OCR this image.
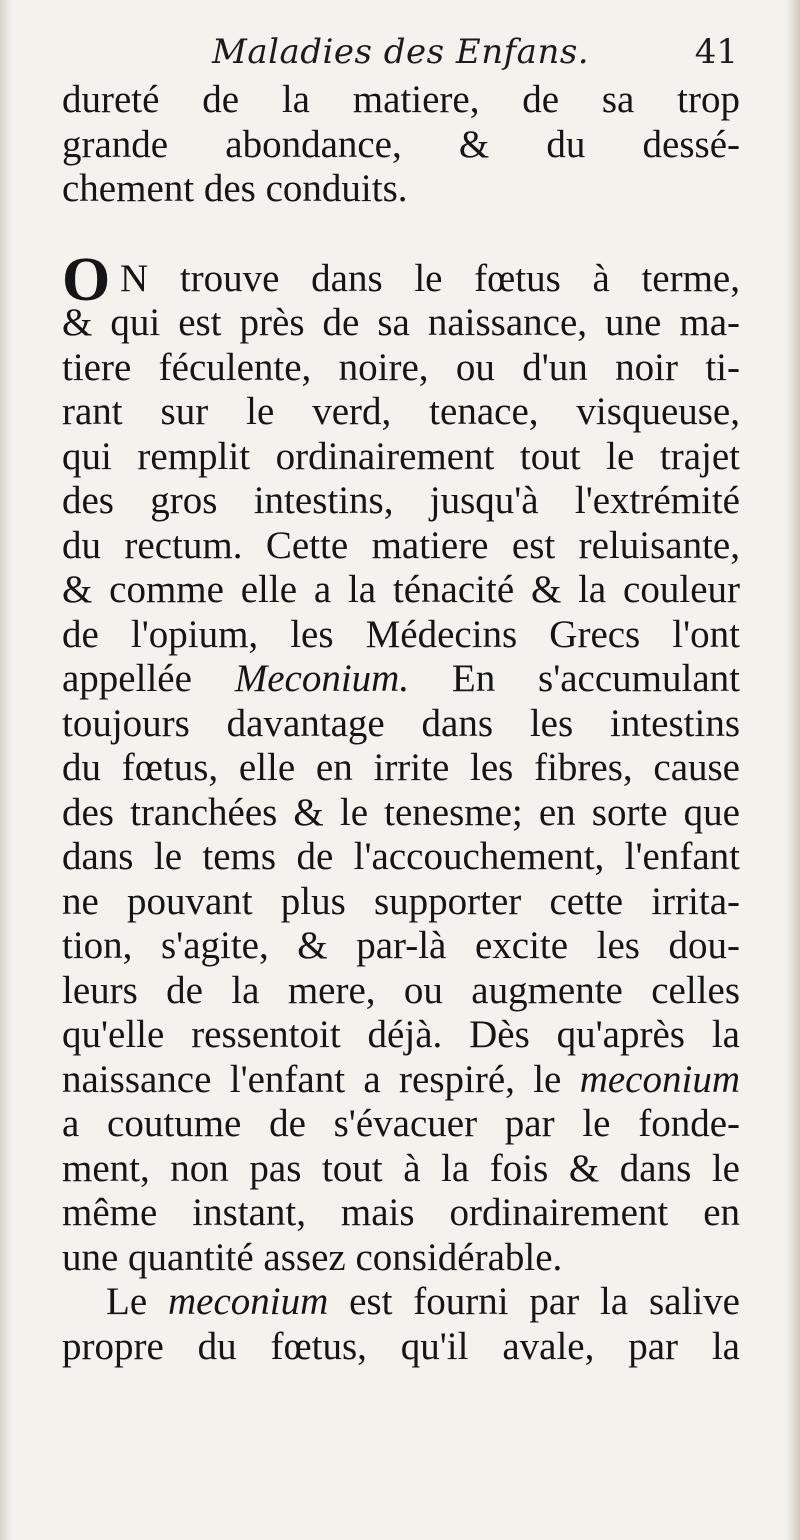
Maladies des Enfans.	41
dureté de la matiere, de sa trop
grande abondance, & du dessé-
chement des conduits.
O N trouve dans le fœtus à terme,
& qui est près de sa naissance, une ma-
tiere féculente, noire, ou d'un noir ti-
rant sur le verd, tenace, visqueuse,
qui remplit ordinairement tout le trajet
des gros intestins, jusqu'à l'extrémité
du rectum. Cette matiere est reluisante,
& comme elle a la ténacité & la couleur
de l'opium, les Médecins Grecs l'ont
appellée Meconium. En s'accumulant
toujours davantage dans les intestins
du fœtus, elle en irrite les fibres, cause
des tranchées & le tenesme; en sorte que
dans le tems de l'accouchement, l'enfant
ne pouvant plus supporter cette irrita-
tion, s'agite, & par-là excite les dou-
leurs de la mere, ou augmente celles
qu'elle ressentoit déjà. Dès qu'après la
naissance l'enfant a respiré, le meconium
a coutume de s'évacuer par le fonde-
ment, non pas tout à la fois & dans le
même instant, mais ordinairement en
une quantité assez considérable.
Le meconium est fourni par la salive
propre du fœtus, qu'il avale, par la
